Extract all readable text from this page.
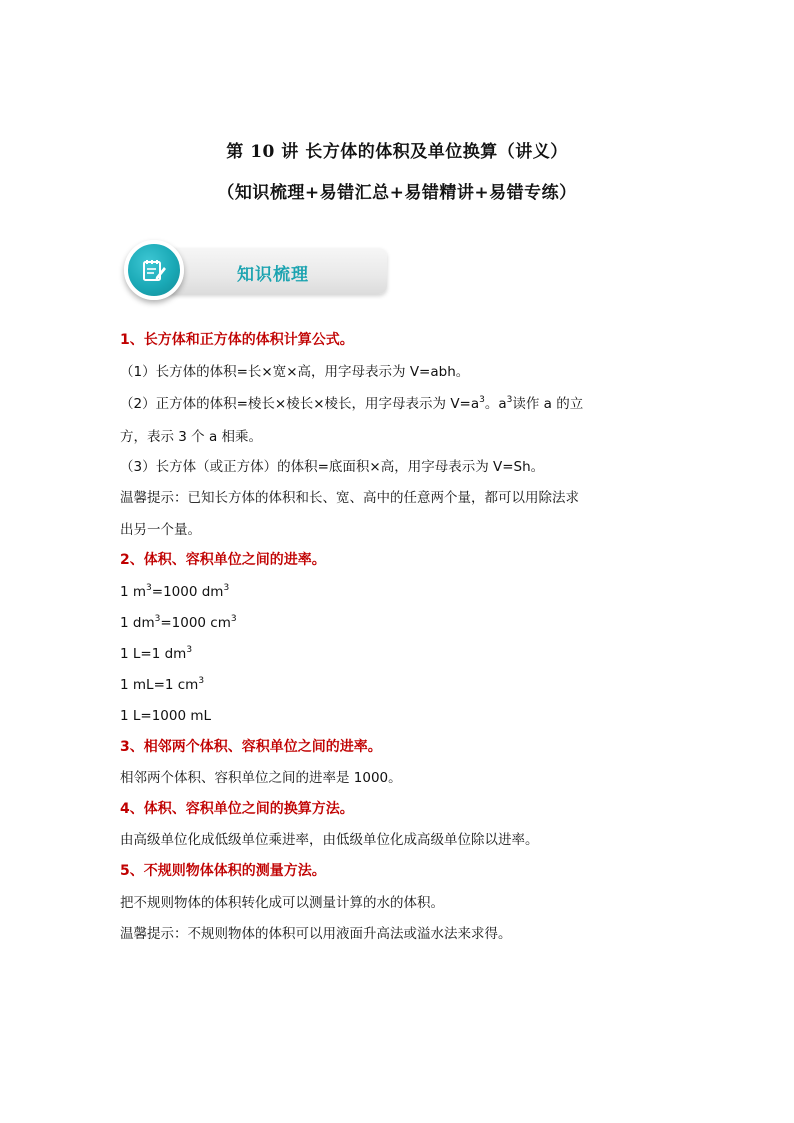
第 10 讲 长方体的体积及单位换算（讲义）
（知识梳理+易错汇总+易错精讲+易错专练）
知识梳理
1、长方体和正方体的体积计算公式。
（1）长方体的体积=长×宽×高，用字母表示为 V=abh。
（2）正方体的体积=棱长×棱长×棱长，用字母表示为 $V=a^3$。$a^3$读作 a 的立
方，表示 3 个 a 相乘。
（3）长方体（或正方体）的体积=底面积×高，用字母表示为 V=Sh。
温馨提示：已知长方体的体积和长、宽、高中的任意两个量，都可以用除法求
出另一个量。
2、体积、容积单位之间的进率。
1 $m^3=1000$ $dm^3$
1 $dm^3=1000$ $cm^3$
1 L=1 $dm^3$
1 mL=1 $cm^3$
1 L=1000 mL
3、相邻两个体积、容积单位之间的进率。
相邻两个体积、容积单位之间的进率是 1000。
4、体积、容积单位之间的换算方法。
由高级单位化成低级单位乘进率，由低级单位化成高级单位除以进率。
5、不规则物体体积的测量方法。
把不规则物体的体积转化成可以测量计算的水的体积。
温馨提示：不规则物体的体积可以用液面升高法或溢水法来求得。
